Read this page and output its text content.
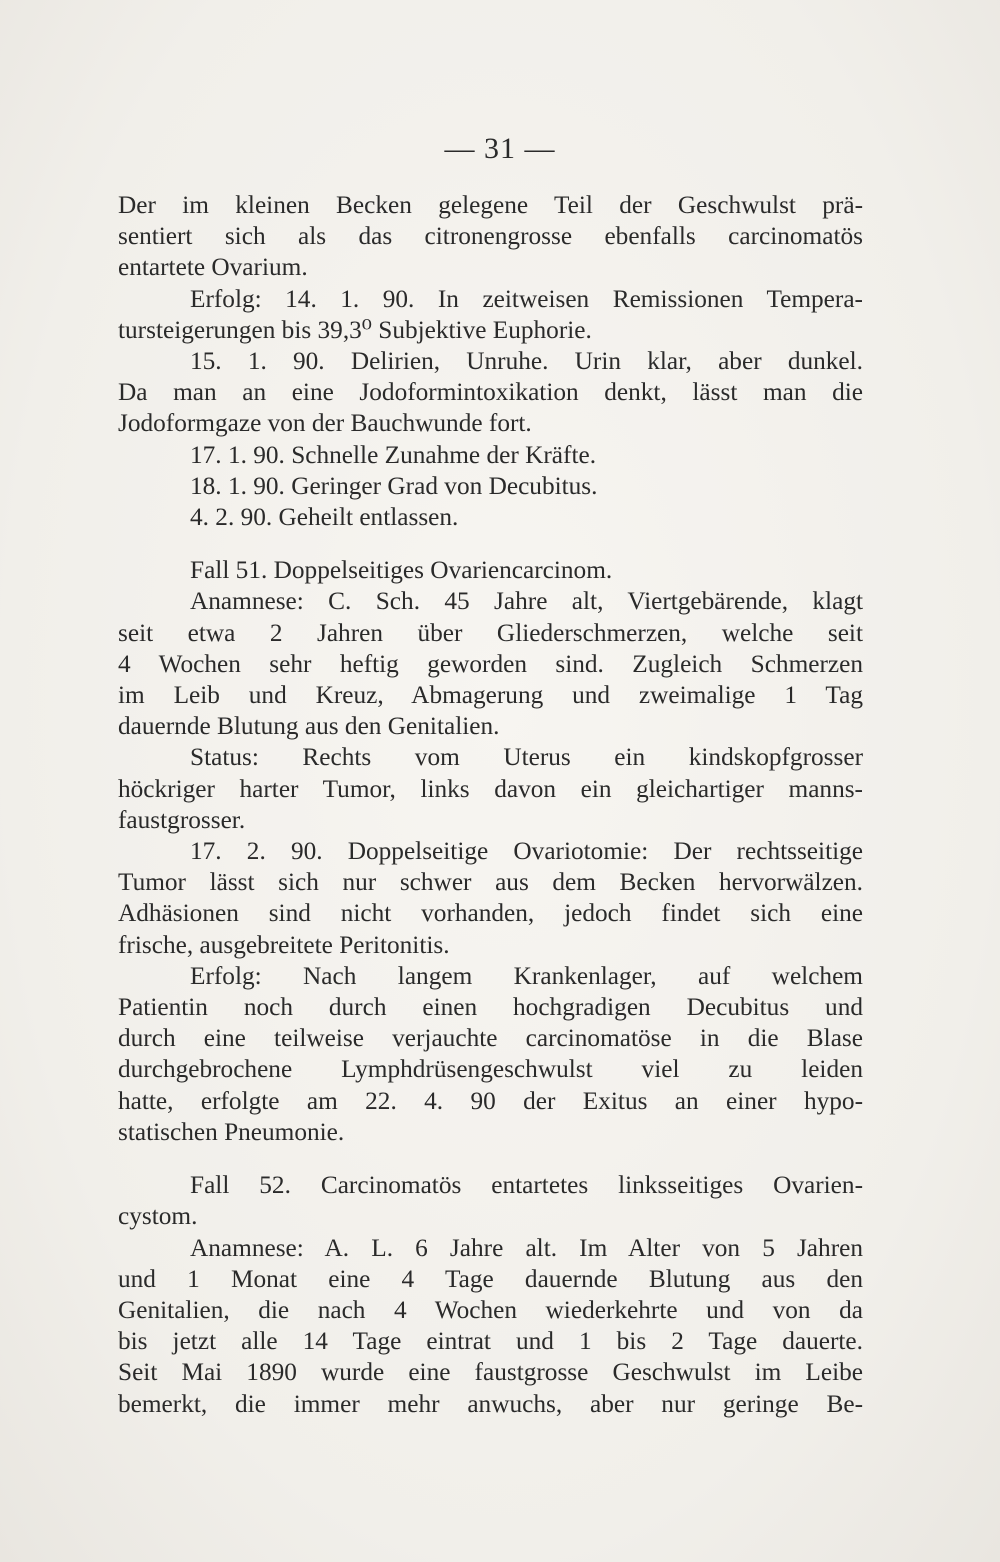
— 31 —
Der im kleinen Becken gelegene Teil der Geschwulst prä-
sentiert sich als das citronengrosse ebenfalls carcinomatös
entartete Ovarium.
Erfolg: 14. 1. 90. In zeitweisen Remissionen Tempera-
tursteigerungen bis 39,3⁰ Subjektive Euphorie.
15. 1. 90. Delirien, Unruhe. Urin klar, aber dunkel.
Da man an eine Jodoformintoxikation denkt, lässt man die
Jodoformgaze von der Bauchwunde fort.
17. 1. 90. Schnelle Zunahme der Kräfte.
18. 1. 90. Geringer Grad von Decubitus.
4. 2. 90. Geheilt entlassen.
Fall 51. Doppelseitiges Ovariencarcinom.
Anamnese: C. Sch. 45 Jahre alt, Viertgebärende, klagt
seit etwa 2 Jahren über Gliederschmerzen, welche seit
4 Wochen sehr heftig geworden sind. Zugleich Schmerzen
im Leib und Kreuz, Abmagerung und zweimalige 1 Tag
dauernde Blutung aus den Genitalien.
Status: Rechts vom Uterus ein kindskopfgrosser
höckriger harter Tumor, links davon ein gleichartiger manns-
faustgrosser.
17. 2. 90. Doppelseitige Ovariotomie: Der rechtsseitige
Tumor lässt sich nur schwer aus dem Becken hervorwälzen.
Adhäsionen sind nicht vorhanden, jedoch findet sich eine
frische, ausgebreitete Peritonitis.
Erfolg: Nach langem Krankenlager, auf welchem
Patientin noch durch einen hochgradigen Decubitus und
durch eine teilweise verjauchte carcinomatöse in die Blase
durchgebrochene Lymphdrüsengeschwulst viel zu leiden
hatte, erfolgte am 22. 4. 90 der Exitus an einer hypo-
statischen Pneumonie.
Fall 52. Carcinomatös entartetes linksseitiges Ovarien-
cystom.
Anamnese: A. L. 6 Jahre alt. Im Alter von 5 Jahren
und 1 Monat eine 4 Tage dauernde Blutung aus den
Genitalien, die nach 4 Wochen wiederkehrte und von da
bis jetzt alle 14 Tage eintrat und 1 bis 2 Tage dauerte.
Seit Mai 1890 wurde eine faustgrosse Geschwulst im Leibe
bemerkt, die immer mehr anwuchs, aber nur geringe Be-
